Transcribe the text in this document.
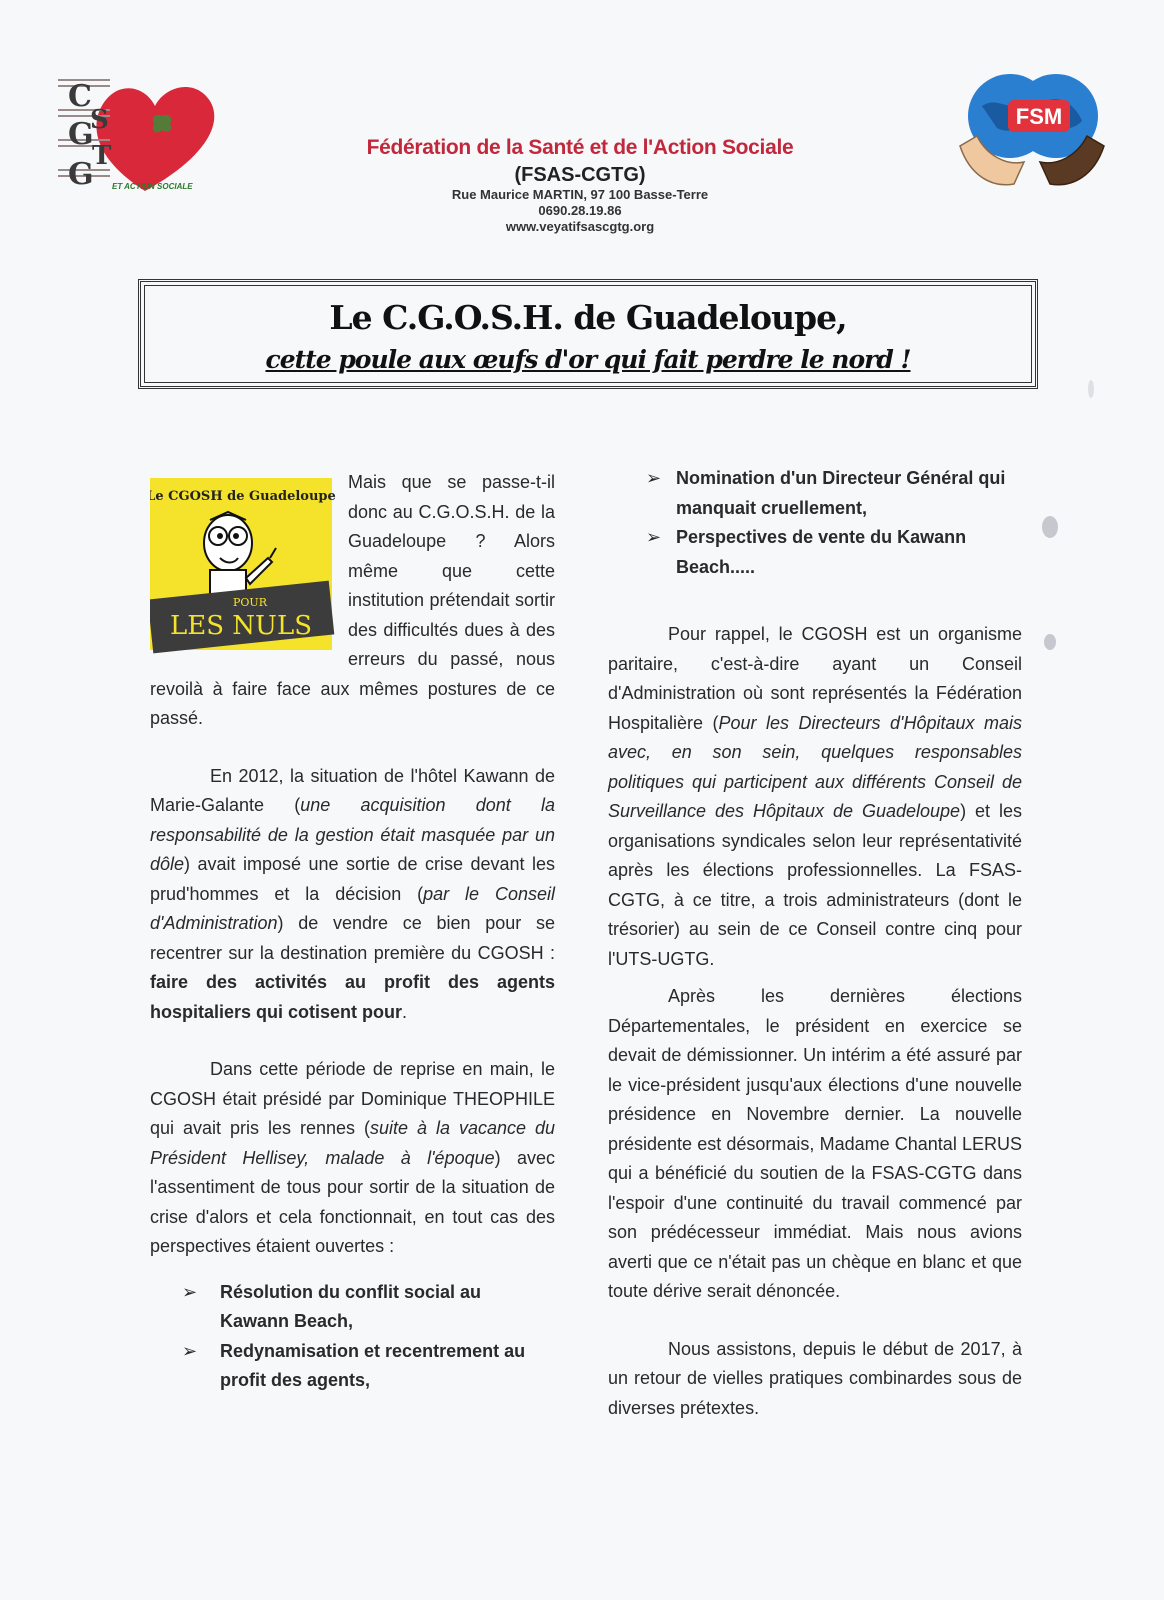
C
S
G
T
G ET ACTION SOCIALE
FSM
Fédération de la Santé et de l'Action Sociale
(FSAS-CGTG)
Rue Maurice MARTIN, 97 100 Basse-Terre
0690.28.19.86
www.veyatifsascgtg.org
Le C.G.O.S.H. de Guadeloupe,
cette poule aux œufs d'or qui fait perdre le nord !
Le CGOSH de Guadeloupe
POUR
LES NULS

Mais que se passe-t-il donc au C.G.O.S.H. de la Guadeloupe ? Alors même que cette institution prétendait sortir des difficultés dues à des erreurs du passé, nous revoilà à faire face aux mêmes postures de ce passé.

En 2012, la situation de l'hôtel Kawann de Marie-Galante (une acquisition dont la responsabilité de la gestion était masquée par un dôle) avait imposé une sortie de crise devant les prud'hommes et la décision (par le Conseil d'Administration) de vendre ce bien pour se recentrer sur la destination première du CGOSH : faire des activités au profit des agents hospitaliers qui cotisent pour.

Dans cette période de reprise en main, le CGOSH était présidé par Dominique THEOPHILE qui avait pris les rennes (suite à la vacance du Président Hellisey, malade à l'époque) avec l'assentiment de tous pour sortir de la situation de crise d'alors et cela fonctionnait, en tout cas des perspectives étaient ouvertes :

➢ Résolution du conflit social au Kawann Beach,
➢ Redynamisation et recentrement au profit des agents,
➢ Nomination d'un Directeur Général qui manquait cruellement,
➢ Perspectives de vente du Kawann Beach.....

Pour rappel, le CGOSH est un organisme paritaire, c'est-à-dire ayant un Conseil d'Administration où sont représentés la Fédération Hospitalière (Pour les Directeurs d'Hôpitaux mais avec, en son sein, quelques responsables politiques qui participent aux différents Conseil de Surveillance des Hôpitaux de Guadeloupe) et les organisations syndicales selon leur représentativité après les élections professionnelles. La FSAS-CGTG, à ce titre, a trois administrateurs (dont le trésorier) au sein de ce Conseil contre cinq pour l'UTS-UGTG.

Après les dernières élections Départementales, le président en exercice se devait de démissionner. Un intérim a été assuré par le vice-président jusqu'aux élections d'une nouvelle présidence en Novembre dernier. La nouvelle présidente est désormais, Madame Chantal LERUS qui a bénéficié du soutien de la FSAS-CGTG dans l'espoir d'une continuité du travail commencé par son prédécesseur immédiat. Mais nous avions averti que ce n'était pas un chèque en blanc et que toute dérive serait dénoncée.

Nous assistons, depuis le début de 2017, à un retour de vielles pratiques combinardes sous de diverses prétextes.
